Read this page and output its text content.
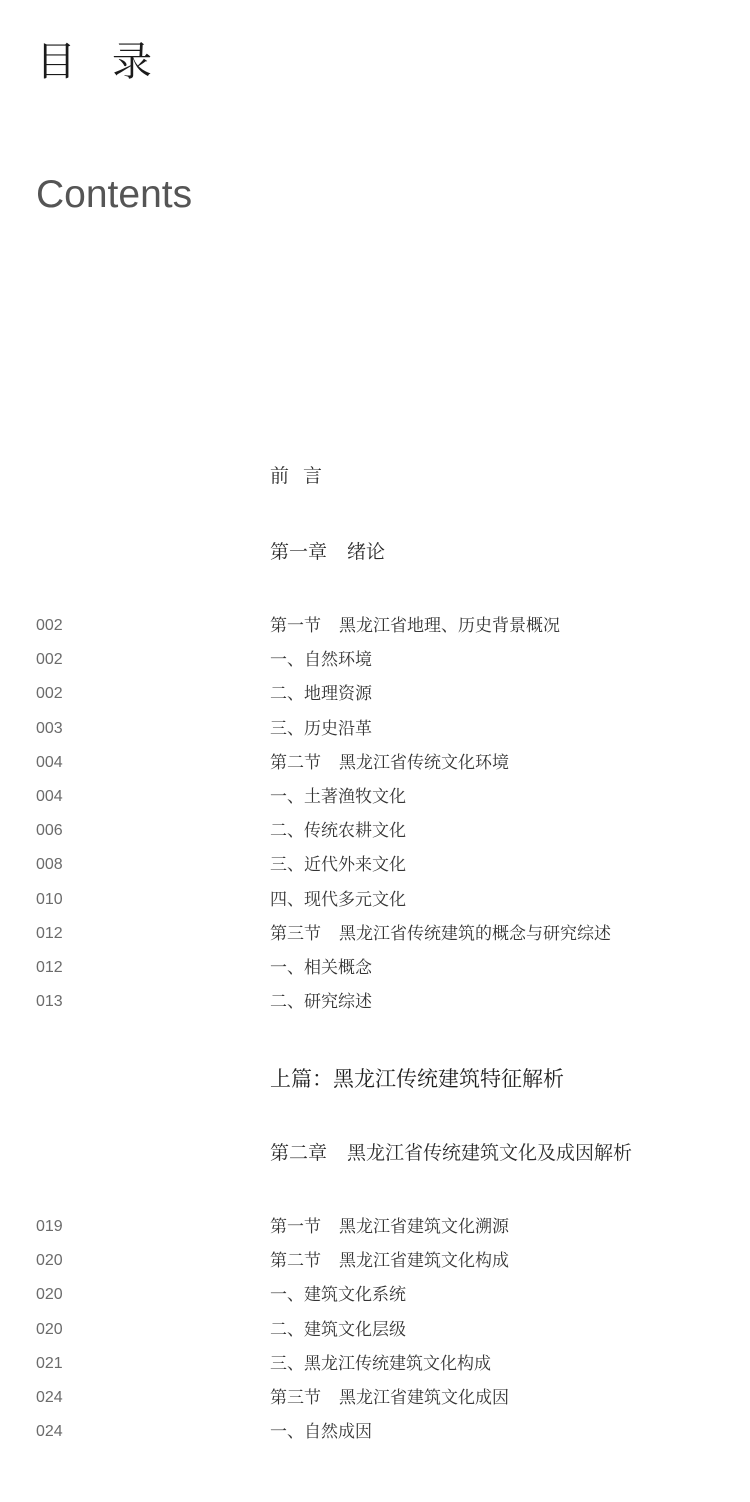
目 录
Contents
前 言
第一章 绪论
002	第一节 黑龙江省地理、历史背景概况
002	一、自然环境
002	二、地理资源
003	三、历史沿革
004	第二节 黑龙江省传统文化环境
004	一、土著渔牧文化
006	二、传统农耕文化
008	三、近代外来文化
010	四、现代多元文化
012	第三节 黑龙江省传统建筑的概念与研究综述
012	一、相关概念
013	二、研究综述
上篇：黑龙江传统建筑特征解析
第二章 黑龙江省传统建筑文化及成因解析
019	第一节 黑龙江省建筑文化溯源
020	第二节 黑龙江省建筑文化构成
020	一、建筑文化系统
020	二、建筑文化层级
021	三、黑龙江传统建筑文化构成
024	第三节 黑龙江省建筑文化成因
024	一、自然成因
